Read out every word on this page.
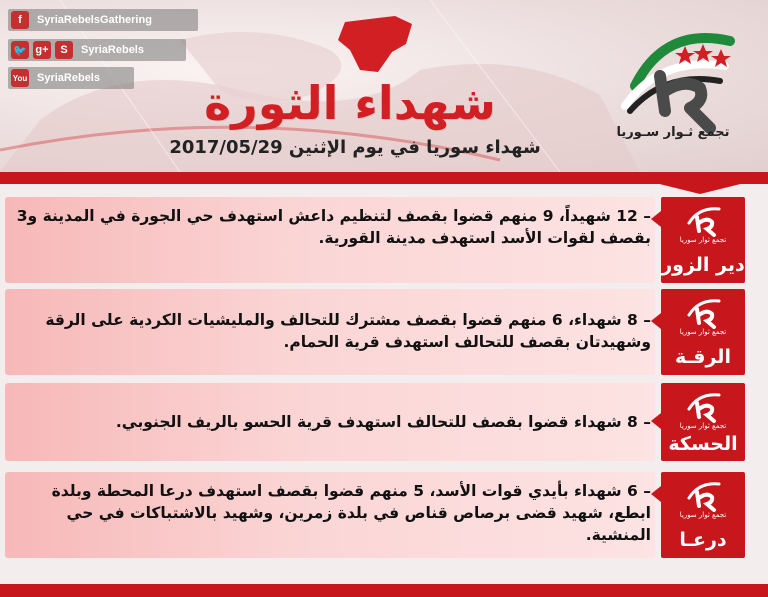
f	SyriaRebelsGathering
🐦 g+	S	SyriaRebels
You SyriaRebels	شهداء الثورة
شهداء سوريا في يوم الإثنين 2017/05/29
تجمع ثـوار سـوريا
– 12 شهيداً، 9 منهم قضوا بقصف لتنظيم داعش استهدف حي الجورة في المدينة و3 بقصف لقوات الأسد استهدف مدينة القورية.	تجمع ثوار سوريا
دير الزور
– 8 شهداء، 6 منهم قضوا بقصف مشترك للتحالف والمليشيات الكردية على الرقة وشهيدتان بقصف للتحالف استهدف قرية الحمام.
تجمع ثوار سوريا
الرقـة
– 8 شهداء قضوا بقصف للتحالف استهدف قرية الحسو بالريف الجنوبي.	تجمع ثوار سوريا
الحسكة
– 6 شهداء بأيدي قوات الأسد، 5 منهم قضوا بقصف استهدف درعا المحطة وبلدة ابطع، شهيد قضى برصاص قناص في بلدة زمرين، وشهيد بالاشتباكات في حي المنشية.
تجمع ثوار سوريا
درعـا
